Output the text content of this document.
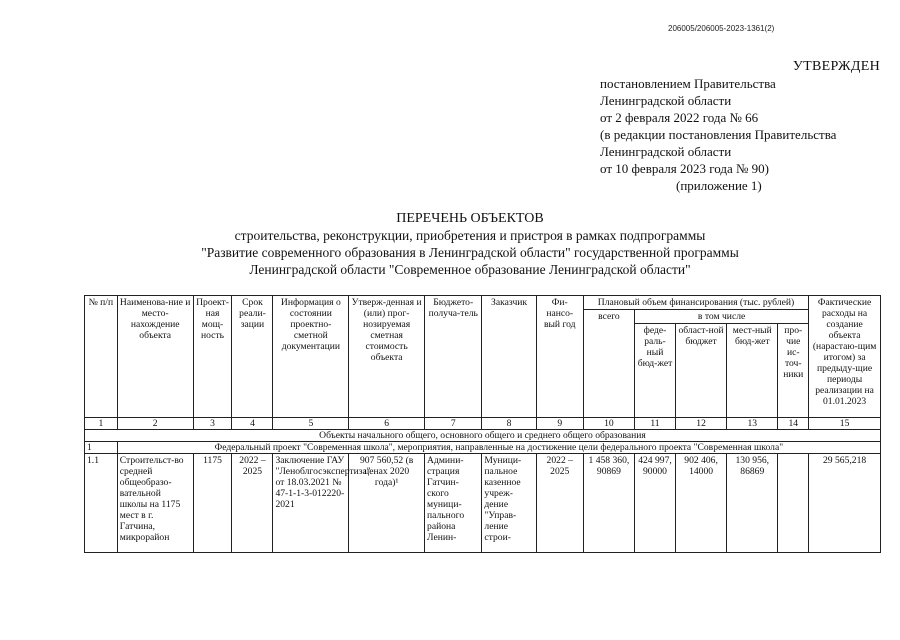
206005/206005-2023-1361(2)
УТВЕРЖДЕН
постановлением Правительства
Ленинградской области
от 2 февраля 2022 года № 66
(в редакции постановления Правительства
Ленинградской области
от 10 февраля 2023 года № 90)
(приложение 1)
ПЕРЕЧЕНЬ ОБЪЕКТОВ
строительства, реконструкции, приобретения и пристроя в рамках подпрограммы
"Развитие современного образования в Ленинградской области" государственной программы
Ленинградской области "Современное образование Ленинградской области"
№ п/п	Наименова-ние и место-нахождение объекта	Проект-ная мощ-ность	Срок реали-зации	Информация о состоянии проектно-сметной документации	Утверж-денная и (или) прог-нозируемая сметная стоимость объекта	Бюджето-получа-тель	Заказчик	Фи-нансо-вый год	Плановый объем финансирования (тыс. рублей)					Фактические расходы на создание объекта (нарастаю-щим итогом) за предыду-щие периоды реализации на 01.01.2023
									всего	в том числе				
										феде-раль-ный бюд-жет	област-ной бюджет	мест-ный бюд-жет	про-чие ис-точ-ники	
1	2	3	4	5	6	7	8	9	10	11	12	13	14	15
Объекты начального общего, основного общего и среднего общего образования														
1	Федеральный проект "Современная школа", мероприятия, направленные на достижение цели федерального проекта "Современная школа"													
1.1	Строительст-во средней общеобразо-вательной школы на 1175 мест в г. Гатчина, микрорайон	1175	2022 – 2025	Заключение ГАУ "Леноблгосэкспертиза" от 18.03.2021 № 47-1-1-3-012220-2021	907 560,52 (в ценах 2020 года)¹	Админи-страция Гатчин-ского муници-пального района Ленин-	Муници-пальное казенное учреж-дение "Управ-ление строи-	2022 – 2025	1 458 360, 90869	424 997, 90000	902 406, 14000	130 956, 86869		29 565,218
